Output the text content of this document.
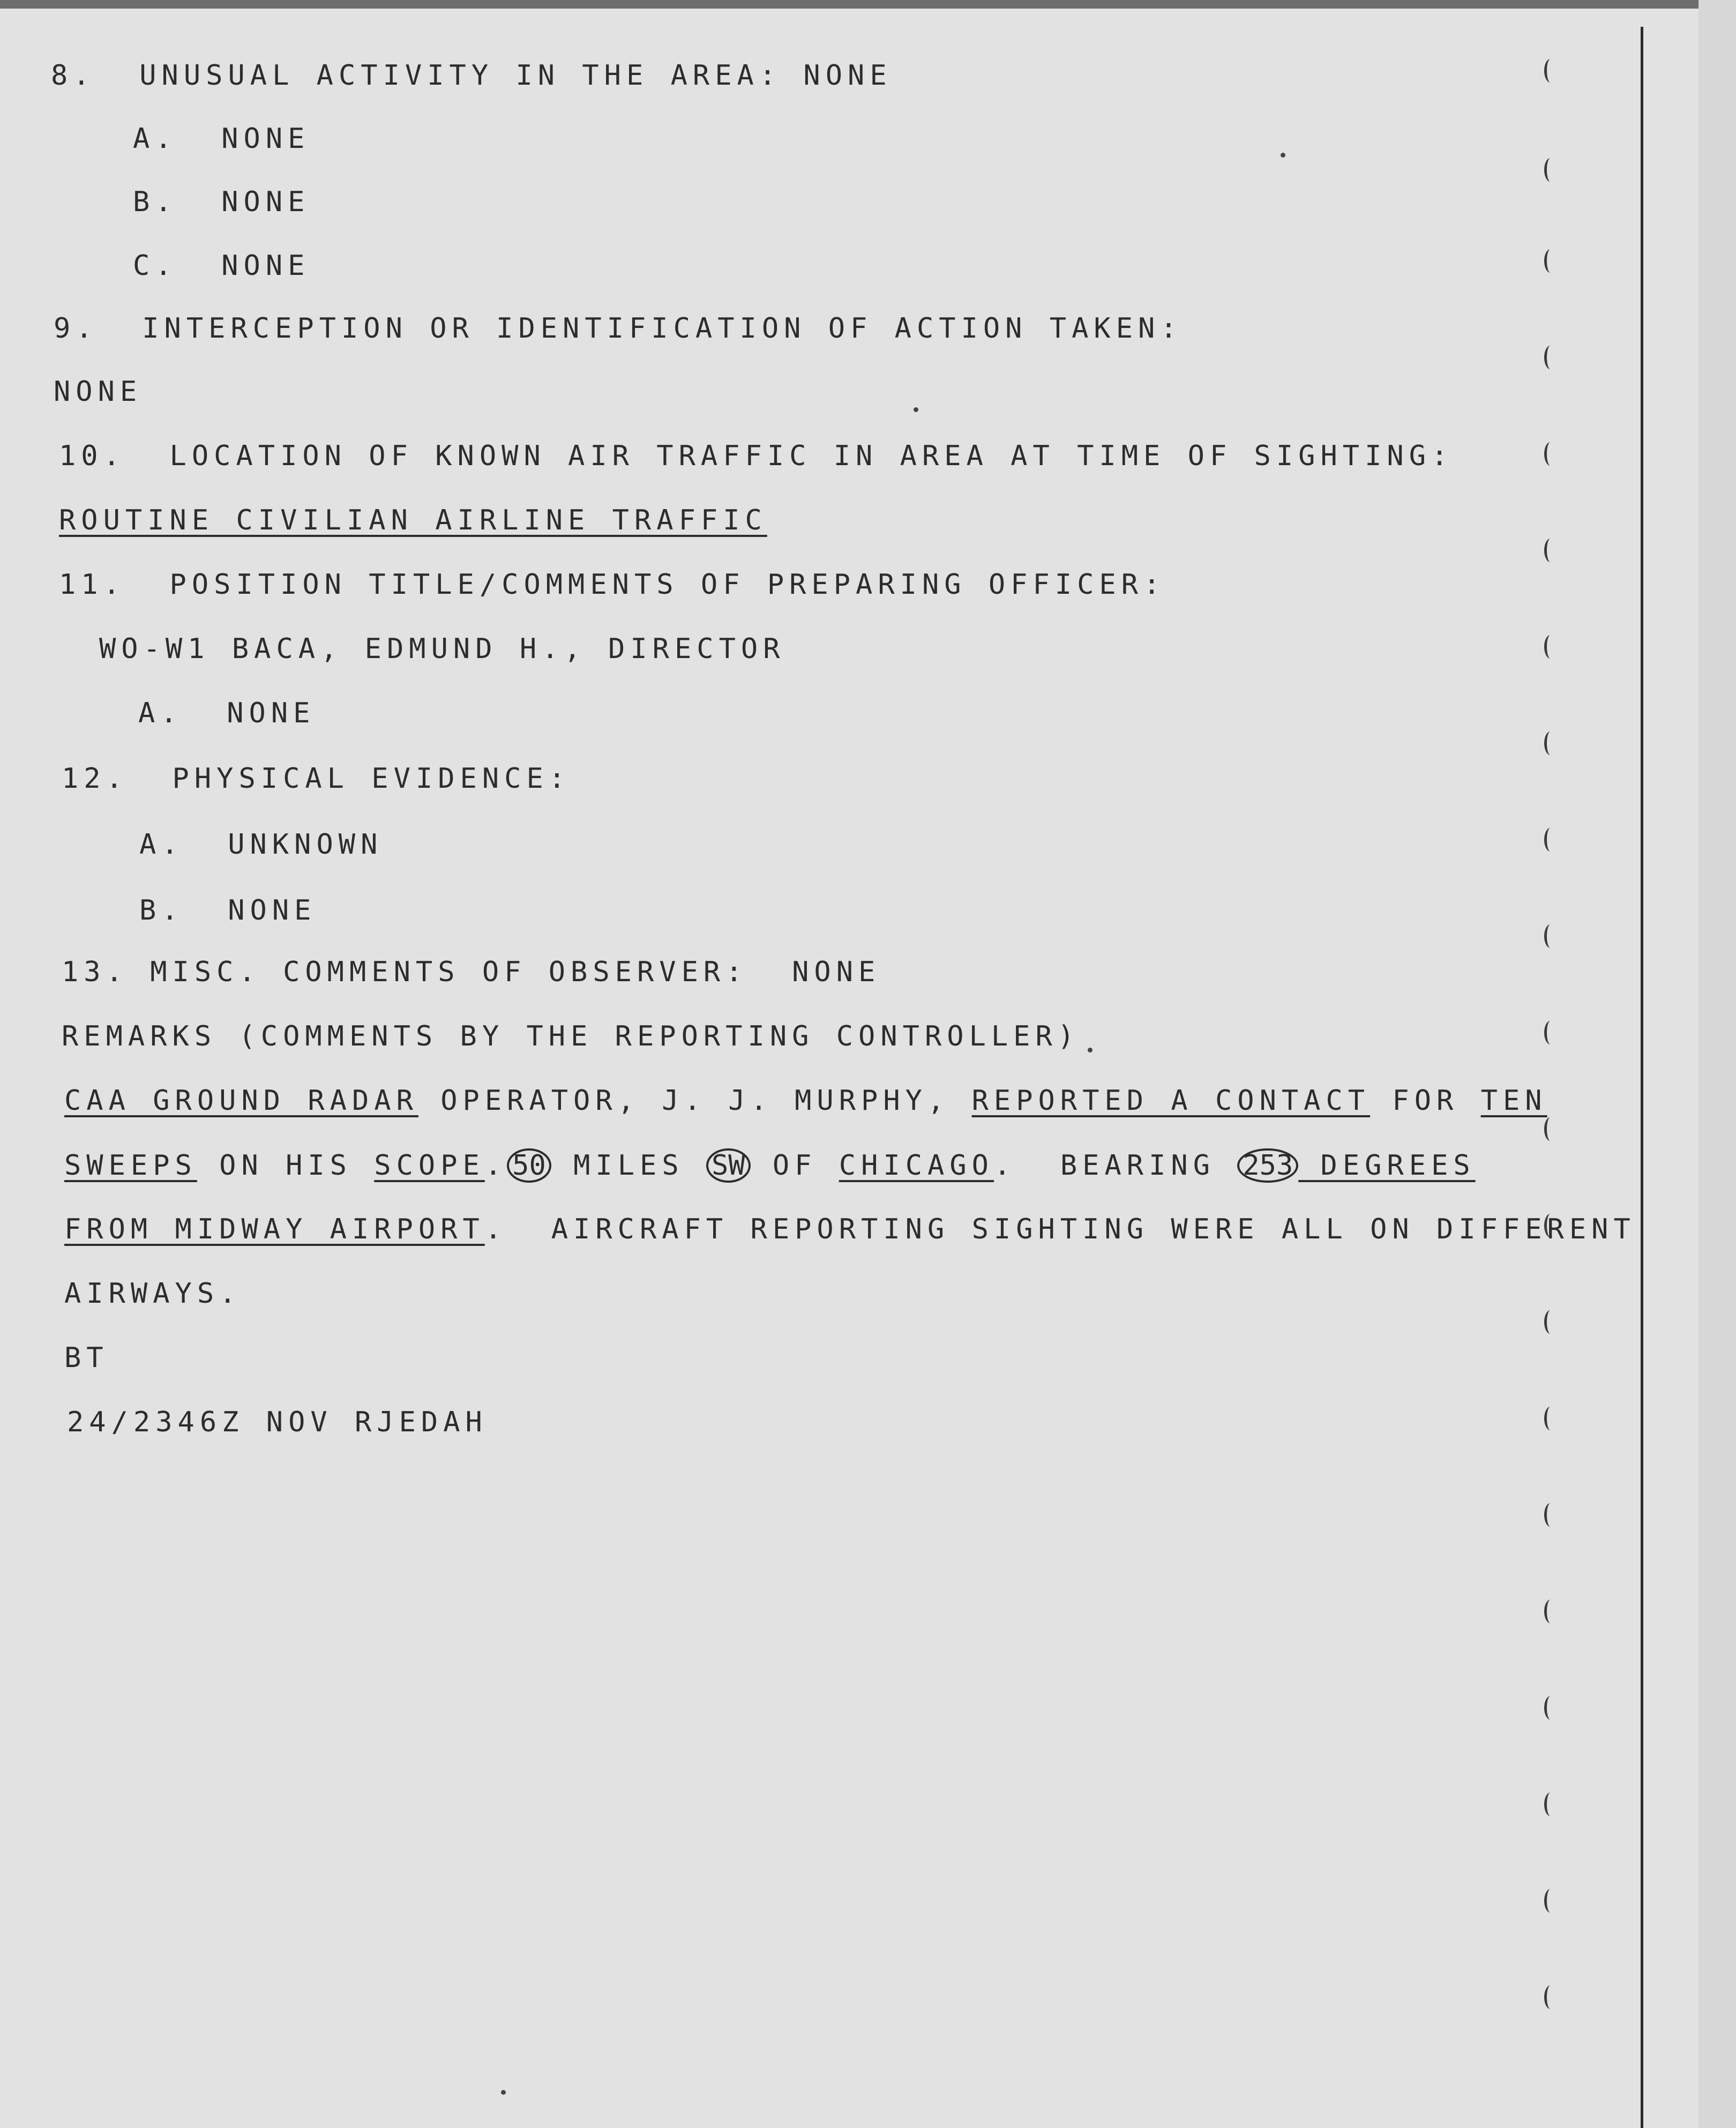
8.  UNUSUAL ACTIVITY IN THE AREA: NONE
A.  NONE
B.  NONE
C.  NONE
9.  INTERCEPTION OR IDENTIFICATION OF ACTION TAKEN:
NONE
10.  LOCATION OF KNOWN AIR TRAFFIC IN AREA AT TIME OF SIGHTING:
ROUTINE CIVILIAN AIRLINE TRAFFIC
11.  POSITION TITLE/COMMENTS OF PREPARING OFFICER:
WO-W1 BACA, EDMUND H., DIRECTOR
A.  NONE
12.  PHYSICAL EVIDENCE:
A.  UNKNOWN
B.  NONE
13. MISC. COMMENTS OF OBSERVER:  NONE
REMARKS (COMMENTS BY THE REPORTING CONTROLLER)
CAA GROUND RADAR OPERATOR, J. J. MURPHY, REPORTED A CONTACT FOR TEN
SWEEPS ON HIS SCOPE. 50 MILES SW OF CHICAGO.  BEARING 253 DEGREES
FROM MIDWAY AIRPORT.  AIRCRAFT REPORTING SIGHTING WERE ALL ON DIFFERENT
AIRWAYS.
BT
24/2346Z NOV RJEDAH
